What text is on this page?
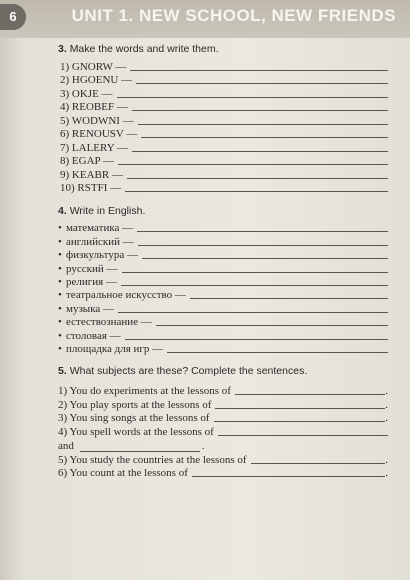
6	UNIT 1. NEW SCHOOL, NEW FRIENDS

3. Make the words and write them.

1) GNORW —
2) HGOENU —
3) OKJE —
4) REOBEF —
5) WODWNI —
6) RENOUSV —
7) LALERY —
8) EGAP —
9) KEABR —
10) RSTFI —

4. Write in English.

• математика —
• английский —
• физкультура —
• русский —
• религия —
• театральное искусство —
• музыка —
• естествознание —
• столовая —
• площадка для игр —

5. What subjects are these? Complete the sentences.

1) You do experiments at the lessons of	.
2) You play sports at the lessons of	.
3) You sing songs at the lessons of	.
4) You spell words at the lessons of
and	.
5) You study the countries at the lessons of	.
6) You count at the lessons of	.
